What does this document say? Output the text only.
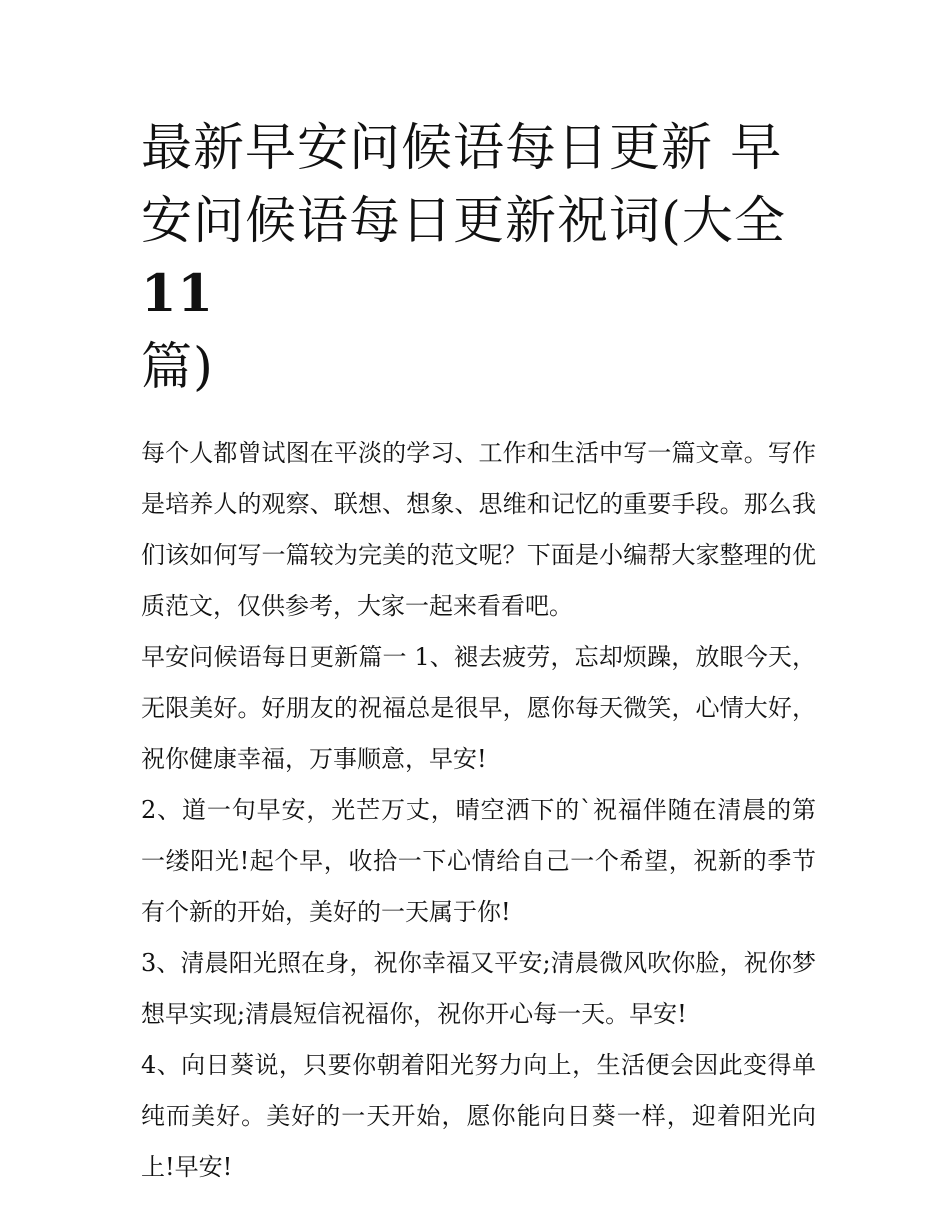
最新早安问候语每日更新 早安问候语每日更新祝词(大全11
篇)

每个人都曾试图在平淡的学习、工作和生活中写一篇文章。写作是培养人的观察、联想、想象、思维和记忆的重要手段。那么我们该如何写一篇较为完美的范文呢？下面是小编帮大家整理的优质范文，仅供参考，大家一起来看看吧。

早安问候语每日更新篇一 1、褪去疲劳，忘却烦躁，放眼今天，无限美好。好朋友的祝福总是很早，愿你每天微笑，心情大好，祝你健康幸福，万事顺意，早安!

2、道一句早安，光芒万丈，晴空洒下的`祝福伴随在清晨的第一缕阳光!起个早，收拾一下心情给自己一个希望，祝新的季节有个新的开始，美好的一天属于你!

3、清晨阳光照在身，祝你幸福又平安;清晨微风吹你脸，祝你梦想早实现;清晨短信祝福你，祝你开心每一天。早安!

4、向日葵说，只要你朝着阳光努力向上，生活便会因此变得单纯而美好。美好的一天开始，愿你能向日葵一样，迎着阳光向上!早安!
